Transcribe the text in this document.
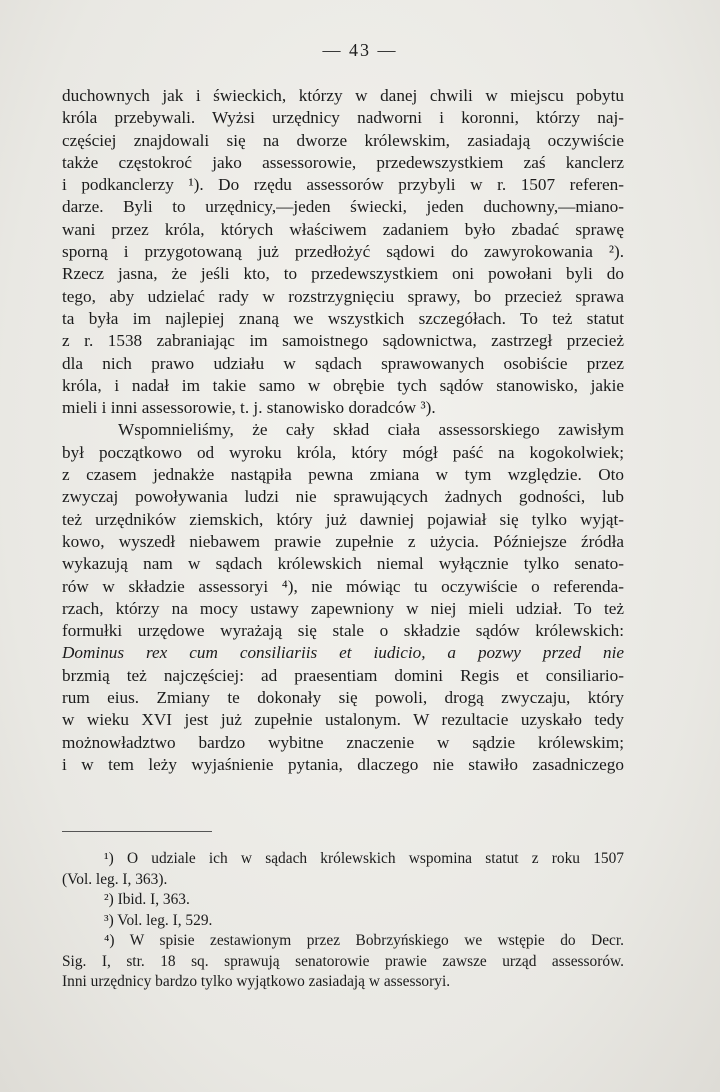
— 43 —
duchownych jak i świeckich, którzy w danej chwili w miejscu pobytu
króla przebywali. Wyżsi urzędnicy nadworni i koronni, którzy naj-
częściej znajdowali się na dworze królewskim, zasiadają oczywiście
także częstokroć jako assessorowie, przedewszystkiem zaś kanclerz
i podkanclerzy ¹). Do rzędu assessorów przybyli w r. 1507 referen-
darze. Byli to urzędnicy,—jeden świecki, jeden duchowny,—miano-
wani przez króla, których właściwem zadaniem było zbadać sprawę
sporną i przygotowaną już przedłożyć sądowi do zawyrokowania ²).
Rzecz jasna, że jeśli kto, to przedewszystkiem oni powołani byli do
tego, aby udzielać rady w rozstrzygnięciu sprawy, bo przecież sprawa
ta była im najlepiej znaną we wszystkich szczegółach. To też statut
z r. 1538 zabraniając im samoistnego sądownictwa, zastrzegł przecież
dla nich prawo udziału w sądach sprawowanych osobiście przez
króla, i nadał im takie samo w obrębie tych sądów stanowisko, jakie
mieli i inni assessorowie, t. j. stanowisko doradców ³).
Wspomnieliśmy, że cały skład ciała assessorskiego zawisłym
był początkowo od wyroku króla, który mógł paść na kogokolwiek;
z czasem jednakże nastąpiła pewna zmiana w tym względzie. Oto
zwyczaj powoływania ludzi nie sprawujących żadnych godności, lub
też urzędników ziemskich, który już dawniej pojawiał się tylko wyjąt-
kowo, wyszedł niebawem prawie zupełnie z użycia. Późniejsze źródła
wykazują nam w sądach królewskich niemal wyłącznie tylko senato-
rów w składzie assessoryi ⁴), nie mówiąc tu oczywiście o referenda-
rzach, którzy na mocy ustawy zapewniony w niej mieli udział. To też
formułki urzędowe wyrażają się stale o składzie sądów królewskich:
Dominus rex cum consiliariis et iudicio, a pozwy przed nie
brzmią też najczęściej: ad praesentiam domini Regis et consiliario-
rum eius. Zmiany te dokonały się powoli, drogą zwyczaju, który
w wieku XVI jest już zupełnie ustalonym. W rezultacie uzyskało tedy
możnowładztwo bardzo wybitne znaczenie w sądzie królewskim;
i w tem leży wyjaśnienie pytania, dlaczego nie stawiło zasadniczego
¹) O udziale ich w sądach królewskich wspomina statut z roku 1507
(Vol. leg. I, 363).
²) Ibid. I, 363.
³) Vol. leg. I, 529.
⁴) W spisie zestawionym przez Bobrzyńskiego we wstępie do Decr.
Sig. I, str. 18 sq. sprawują senatorowie prawie zawsze urząd assessorów.
Inni urzędnicy bardzo tylko wyjątkowo zasiadają w assessoryi.
